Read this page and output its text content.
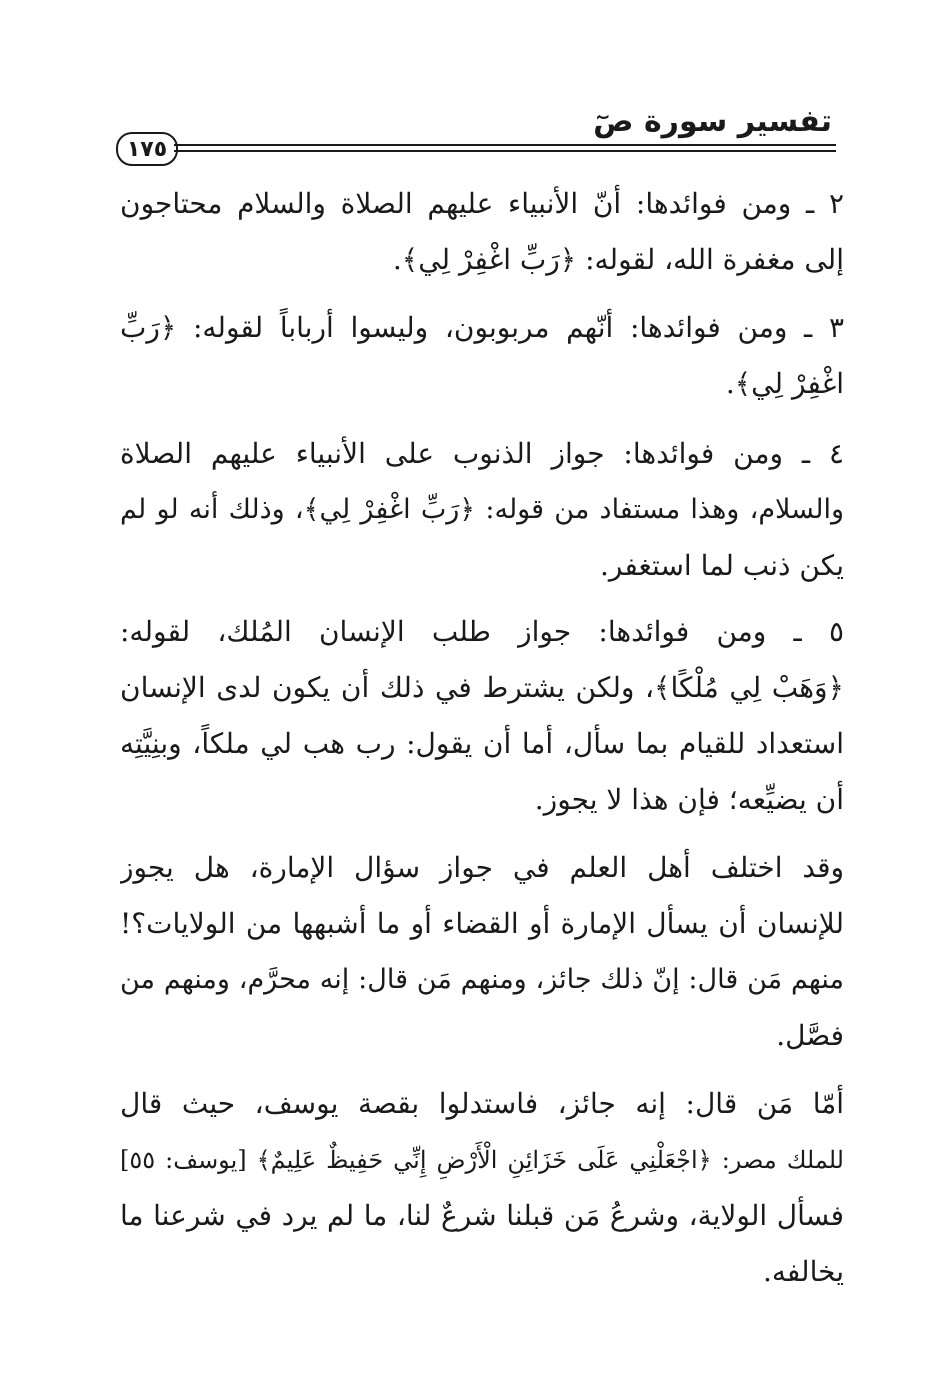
تفسير سورة صٓ
١٧٥
٢ ـ ومن فوائدها: أنّ الأنبياء عليهم الصلاة والسلام محتاجون
إلى مغفرة الله، لقوله: ﴿رَبِّ اغْفِرْ لِي﴾.
٣ ـ ومن فوائدها: أنّهم مربوبون، وليسوا أرباباً لقوله: ﴿رَبِّ
اغْفِرْ لِي﴾.
٤ ـ ومن فوائدها: جواز الذنوب على الأنبياء عليهم الصلاة
والسلام، وهذا مستفاد من قوله: ﴿رَبِّ اغْفِرْ لِي﴾، وذلك أنه لو لم
يكن ذنب لما استغفر.
٥ ـ ومن فوائدها: جواز طلب الإنسان المُلك، لقوله:
﴿وَهَبْ لِي مُلْكًا﴾، ولكن يشترط في ذلك أن يكون لدى الإنسان
استعداد للقيام بما سأل، أما أن يقول: رب هب لي ملكاً، وبنِيَّتِه
أن يضيِّعه؛ فإن هذا لا يجوز.
وقد اختلف أهل العلم في جواز سؤال الإمارة، هل يجوز
للإنسان أن يسأل الإمارة أو القضاء أو ما أشبهها من الولايات؟!
منهم مَن قال: إنّ ذلك جائز، ومنهم مَن قال: إنه محرَّم، ومنهم من
فصَّل.
أمّا مَن قال: إنه جائز، فاستدلوا بقصة يوسف، حيث قال
للملك مصر: ﴿اجْعَلْنِي عَلَى خَزَائِنِ الْأَرْضِ إِنِّي حَفِيظٌ عَلِيمٌ﴾ [يوسف: ٥٥]
فسأل الولاية، وشرعُ مَن قبلنا شرعٌ لنا، ما لم يرد في شرعنا ما
يخالفه.
